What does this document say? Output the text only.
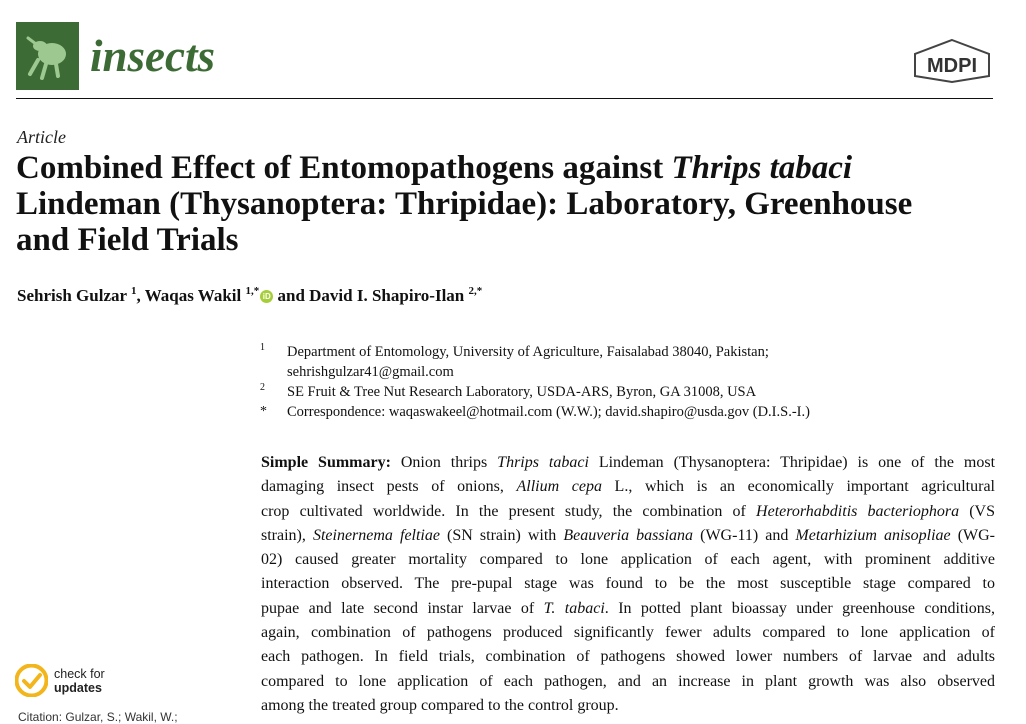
insects	MDPI
Article
Combined Effect of Entomopathogens against Thrips tabaci
Lindeman (Thysanoptera: Thripidae): Laboratory, Greenhouse
and Field Trials
Sehrish Gulzar $^1$, Waqas Wakil $^{1,*}$ iD and David I. Shapiro-Ilan $^{2,*}$
1 Department of Entomology, University of Agriculture, Faisalabad 38040, Pakistan;
sehrishgulzar41@gmail.com
2 SE Fruit & Tree Nut Research Laboratory, USDA-ARS, Byron, GA 31008, USA
* Correspondence: waqaswakeel@hotmail.com (W.W.); david.shapiro@usda.gov (D.I.S.-I.)
Simple Summary: Onion thrips Thrips tabaci Lindeman (Thysanoptera: Thripidae) is one of the most
damaging insect pests of onions, Allium cepa L., which is an economically important agricultural
crop cultivated worldwide. In the present study, the combination of Heterorhabditis bacteriophora (VS
strain), Steinernema feltiae (SN strain) with Beauveria bassiana (WG-11) and Metarhizium anisopliae (WG-
02) caused greater mortality compared to lone application of each agent, with prominent additive
interaction observed. The pre-pupal stage was found to be the most susceptible stage compared to
pupae and late second instar larvae of T. tabaci. In potted plant bioassay under greenhouse conditions,
again, combination of pathogens produced significantly fewer adults compared to lone application of
each pathogen. In field trials, combination of pathogens showed lower numbers of larvae and adults
compared to lone application of each pathogen, and an increase in plant growth was also observed
among the treated group compared to the control group.
check for
updates
Citation: Gulzar, S.; Wakil, W.;
